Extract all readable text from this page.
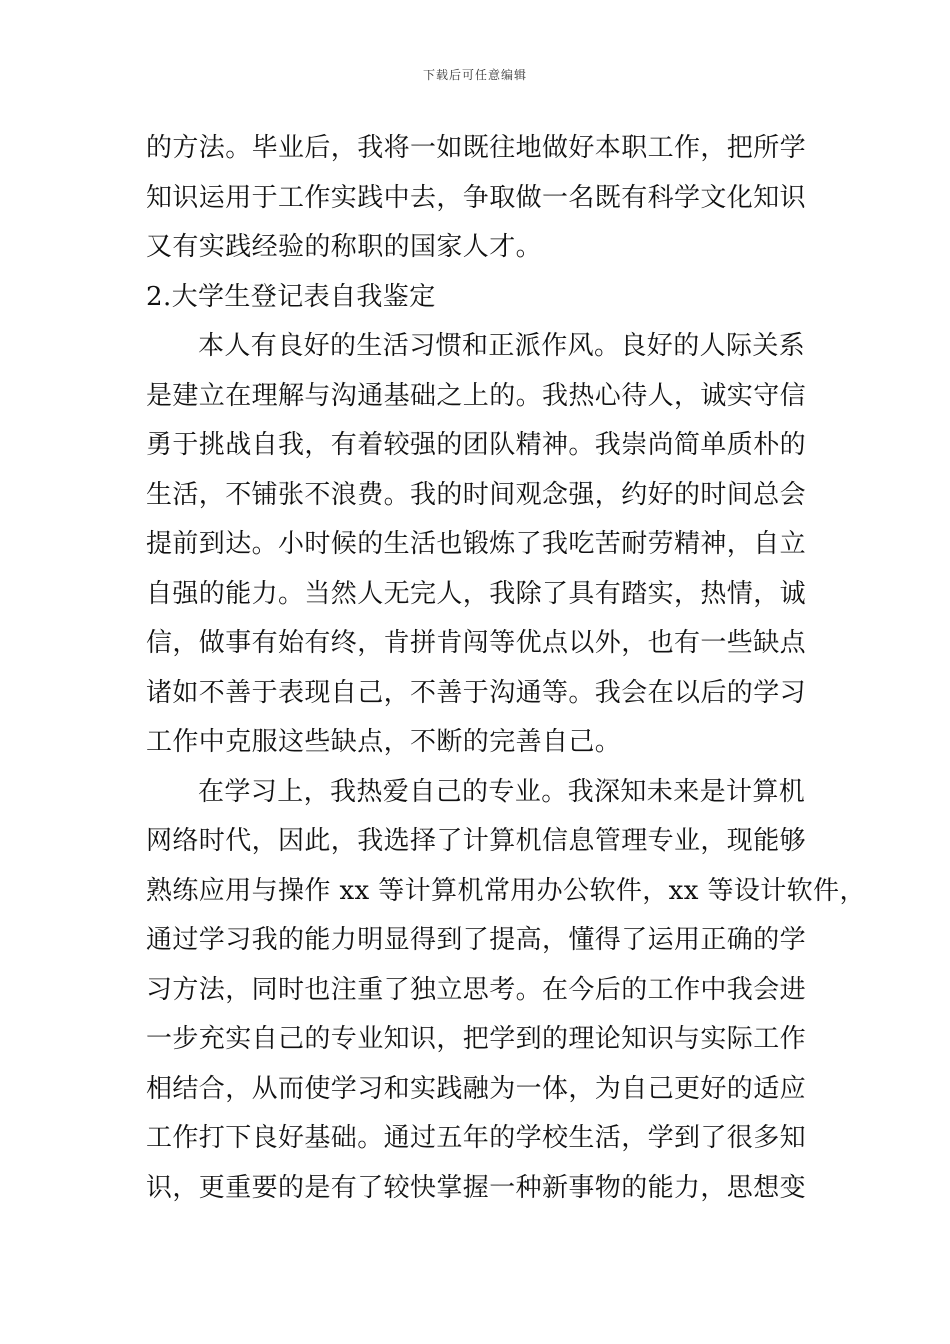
下载后可任意编辑
的方法。毕业后，我将一如既往地做好本职工作，把所学
知识运用于工作实践中去，争取做一名既有科学文化知识
又有实践经验的称职的国家人才。
2.大学生登记表自我鉴定
本人有良好的生活习惯和正派作风。良好的人际关系
是建立在理解与沟通基础之上的。我热心待人，诚实守信
勇于挑战自我，有着较强的团队精神。我崇尚简单质朴的
生活，不铺张不浪费。我的时间观念强，约好的时间总会
提前到达。小时候的生活也锻炼了我吃苦耐劳精神，自立
自强的能力。当然人无完人，我除了具有踏实，热情，诚
信，做事有始有终，肯拼肯闯等优点以外，也有一些缺点
诸如不善于表现自己，不善于沟通等。我会在以后的学习
工作中克服这些缺点，不断的完善自己。
在学习上，我热爱自己的专业。我深知未来是计算机
网络时代，因此，我选择了计算机信息管理专业，现能够
熟练应用与操作 xx 等计算机常用办公软件，xx 等设计软件，
通过学习我的能力明显得到了提高，懂得了运用正确的学
习方法，同时也注重了独立思考。在今后的工作中我会进
一步充实自己的专业知识，把学到的理论知识与实际工作
相结合，从而使学习和实践融为一体，为自己更好的适应
工作打下良好基础。通过五年的学校生活，学到了很多知
识，更重要的是有了较快掌握一种新事物的能力，思想变
